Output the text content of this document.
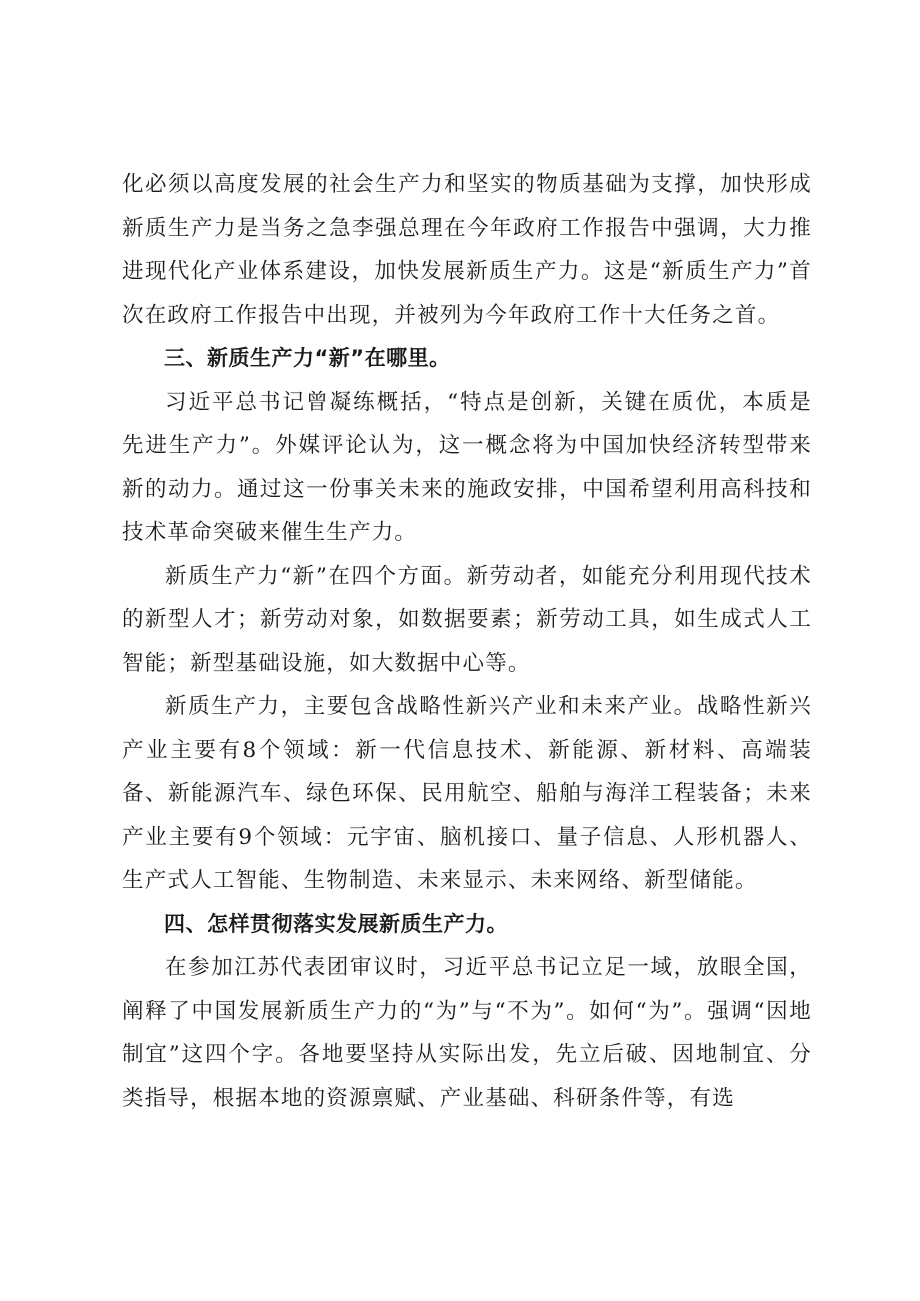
化必须以高度发展的社会生产力和坚实的物质基础为支撑，加快形成新质生产力是当务之急李强总理在今年政府工作报告中强调，大力推进现代化产业体系建设，加快发展新质生产力。这是“新质生产力”首次在政府工作报告中出现，并被列为今年政府工作十大任务之首。

三、新质生产力“新”在哪里。

习近平总书记曾凝练概括，“特点是创新，关键在质优，本质是先进生产力”。外媒评论认为，这一概念将为中国加快经济转型带来新的动力。通过这一份事关未来的施政安排，中国希望利用高科技和技术革命突破来催生生产力。

新质生产力“新”在四个方面。新劳动者，如能充分利用现代技术的新型人才；新劳动对象，如数据要素；新劳动工具，如生成式人工智能；新型基础设施，如大数据中心等。

新质生产力，主要包含战略性新兴产业和未来产业。战略性新兴产业主要有8个领域：新一代信息技术、新能源、新材料、高端装备、新能源汽车、绿色环保、民用航空、船舶与海洋工程装备；未来产业主要有9个领域：元宇宙、脑机接口、量子信息、人形机器人、生产式人工智能、生物制造、未来显示、未来网络、新型储能。

四、怎样贯彻落实发展新质生产力。

在参加江苏代表团审议时，习近平总书记立足一域，放眼全国，阐释了中国发展新质生产力的“为”与“不为”。如何“为”。强调“因地制宜”这四个字。各地要坚持从实际出发，先立后破、因地制宜、分类指导，根据本地的资源禀赋、产业基础、科研条件等，有选
